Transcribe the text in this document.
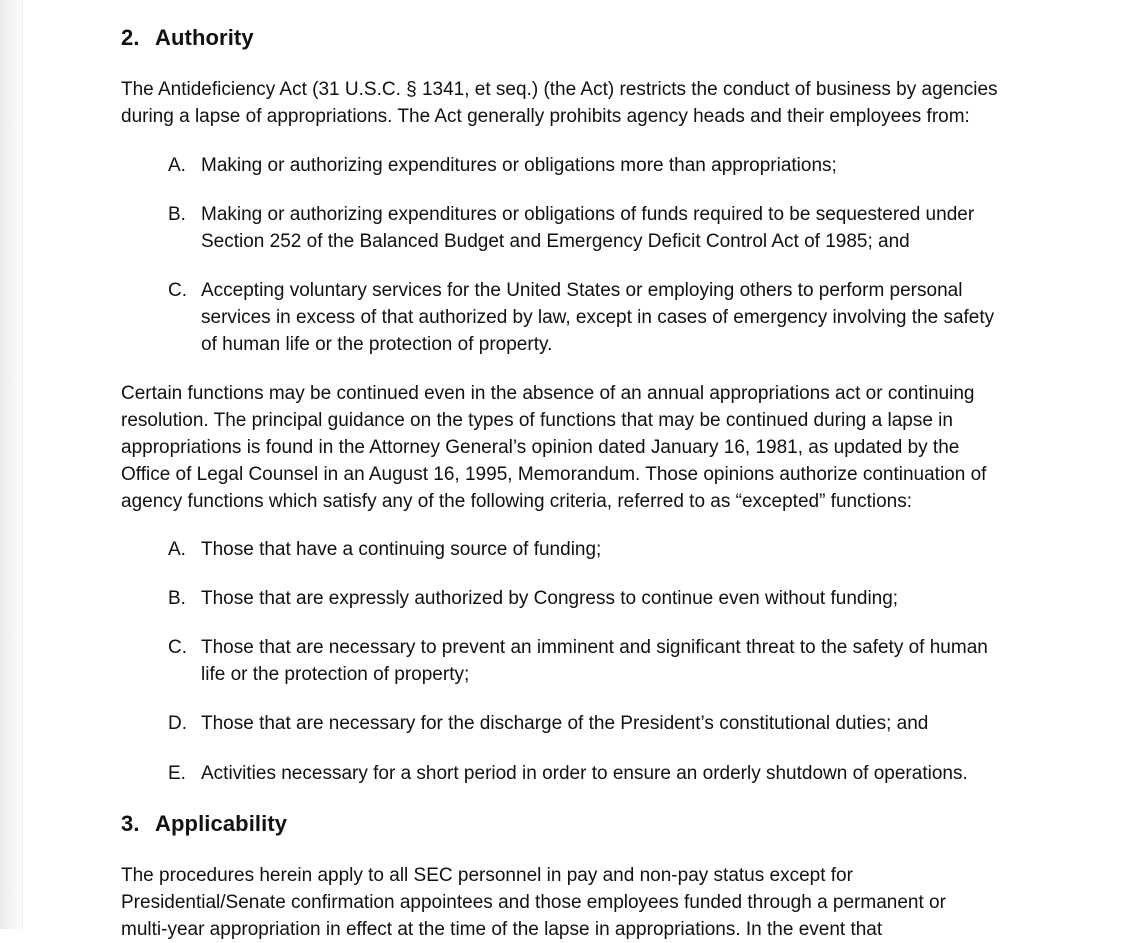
2. Authority
The Antideficiency Act (31 U.S.C. § 1341, et seq.) (the Act) restricts the conduct of business by agencies
during a lapse of appropriations. The Act generally prohibits agency heads and their employees from:
A. Making or authorizing expenditures or obligations more than appropriations;
B. Making or authorizing expenditures or obligations of funds required to be sequestered under
Section 252 of the Balanced Budget and Emergency Deficit Control Act of 1985; and
C. Accepting voluntary services for the United States or employing others to perform personal
services in excess of that authorized by law, except in cases of emergency involving the safety
of human life or the protection of property.
Certain functions may be continued even in the absence of an annual appropriations act or continuing
resolution. The principal guidance on the types of functions that may be continued during a lapse in
appropriations is found in the Attorney General’s opinion dated January 16, 1981, as updated by the
Office of Legal Counsel in an August 16, 1995, Memorandum. Those opinions authorize continuation of
agency functions which satisfy any of the following criteria, referred to as “excepted” functions:
A. Those that have a continuing source of funding;
B. Those that are expressly authorized by Congress to continue even without funding;
C. Those that are necessary to prevent an imminent and significant threat to the safety of human
life or the protection of property;
D. Those that are necessary for the discharge of the President’s constitutional duties; and
E. Activities necessary for a short period in order to ensure an orderly shutdown of operations.
3. Applicability
The procedures herein apply to all SEC personnel in pay and non-pay status except for
Presidential/Senate confirmation appointees and those employees funded through a permanent or
multi-year appropriation in effect at the time of the lapse in appropriations. In the event that
